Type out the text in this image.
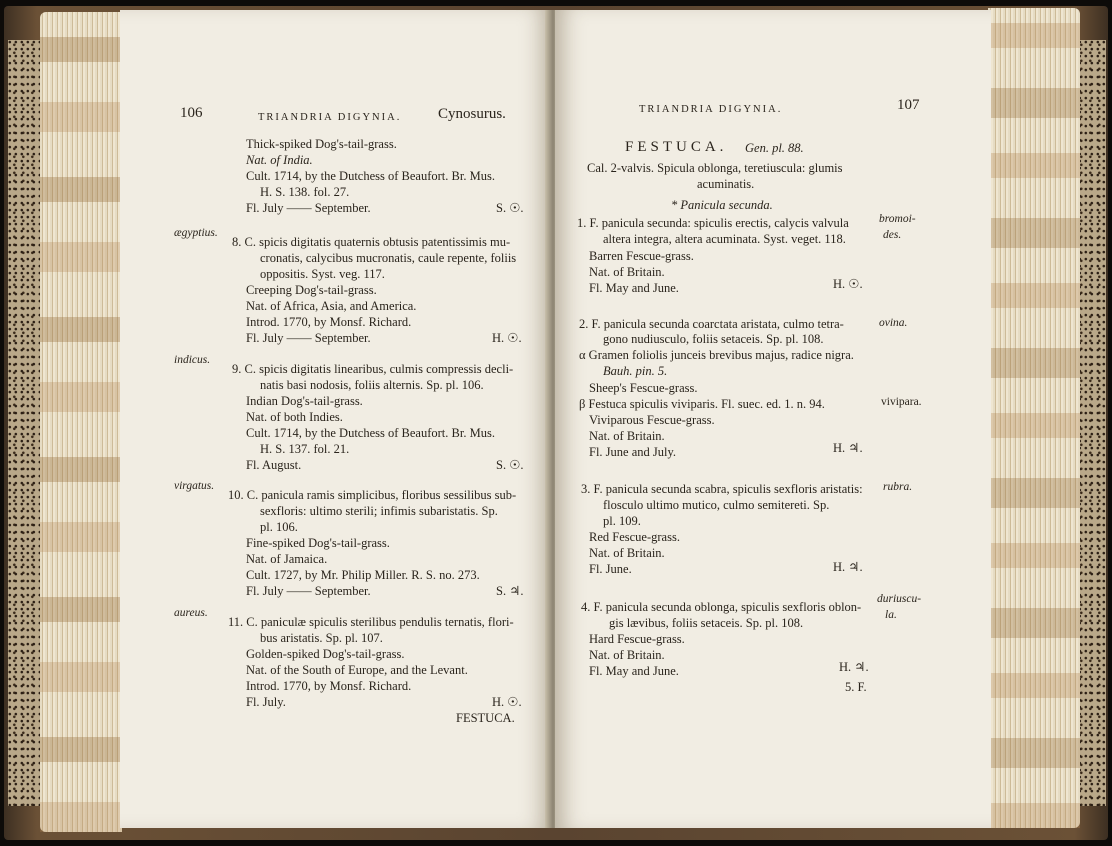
106	TRIANDRIA DIGYNIA. Cynosurus.
Thick-spiked Dog's-tail-grass.
Nat. of India.
Cult. 1714, by the Dutchess of Beaufort. Br. Mus.
H. S. 138. fol. 27.
Fl. July —— September.	S. ☉.
8. C. spicis digitatis quaternis obtusis patentissimis mu-
cronatis, calycibus mucronatis, caule repente, foliis
oppositis. Syst. veg. 117.
Creeping Dog's-tail-grass.
Nat. of Africa, Asia, and America.
Introd. 1770, by Monsf. Richard.
Fl. July —— September.	H. ☉.
9. C. spicis digitatis linearibus, culmis compressis decli-
natis basi nodosis, foliis alternis. Sp. pl. 106.
Indian Dog's-tail-grass.
Nat. of both Indies.
Cult. 1714, by the Dutchess of Beaufort. Br. Mus.
H. S. 137. fol. 21.
Fl. August.	S. ☉.
10. C. panicula ramis simplicibus, floribus sessilibus sub-
sexfloris: ultimo sterili; infimis subaristatis. Sp.
pl. 106.
Fine-spiked Dog's-tail-grass.
Nat. of Jamaica.
Cult. 1727, by Mr. Philip Miller. R. S. no. 273.
Fl. July —— September.	S. ♃.
11. C. paniculæ spiculis sterilibus pendulis ternatis, flori-
bus aristatis. Sp. pl. 107.
Golden-spiked Dog's-tail-grass.
Nat. of the South of Europe, and the Levant.
Introd. 1770, by Monsf. Richard.
Fl. July.	H. ☉.
FESTUCA.
ægyptius.
indicus.
virgatus.
aureus.
TRIANDRIA DIGYNIA.	107
FESTUCA. Gen. pl. 88.
Cal. 2-valvis. Spicula oblonga, teretiuscula: glumis
acuminatis.
* Panicula secunda.
1. F. panicula secunda: spiculis erectis, calycis valvula
altera integra, altera acuminata. Syst. veget. 118.
Barren Fescue-grass.
Nat. of Britain.
Fl. May and June.	H. ☉.
2. F. panicula secunda coarctata aristata, culmo tetra-
gono nudiusculo, foliis setaceis. Sp. pl. 108.
α Gramen foliolis junceis brevibus majus, radice nigra.
Bauh. pin. 5.
Sheep's Fescue-grass.
β Festuca spiculis viviparis. Fl. suec. ed. 1. n. 94.
Viviparous Fescue-grass.
Nat. of Britain.
Fl. June and July.	H. ♃.
3. F. panicula secunda scabra, spiculis sexfloris aristatis:
flosculo ultimo mutico, culmo semitereti. Sp.
pl. 109.
Red Fescue-grass.
Nat. of Britain.
Fl. June.	H. ♃.
4. F. panicula secunda oblonga, spiculis sexfloris oblon-
gis lævibus, foliis setaceis. Sp. pl. 108.
Hard Fescue-grass.
Nat. of Britain.
Fl. May and June.	H. ♃.
5. F.
bromoi-
des.
ovina.
vivipara.
rubra.
duriuscu-
la.
